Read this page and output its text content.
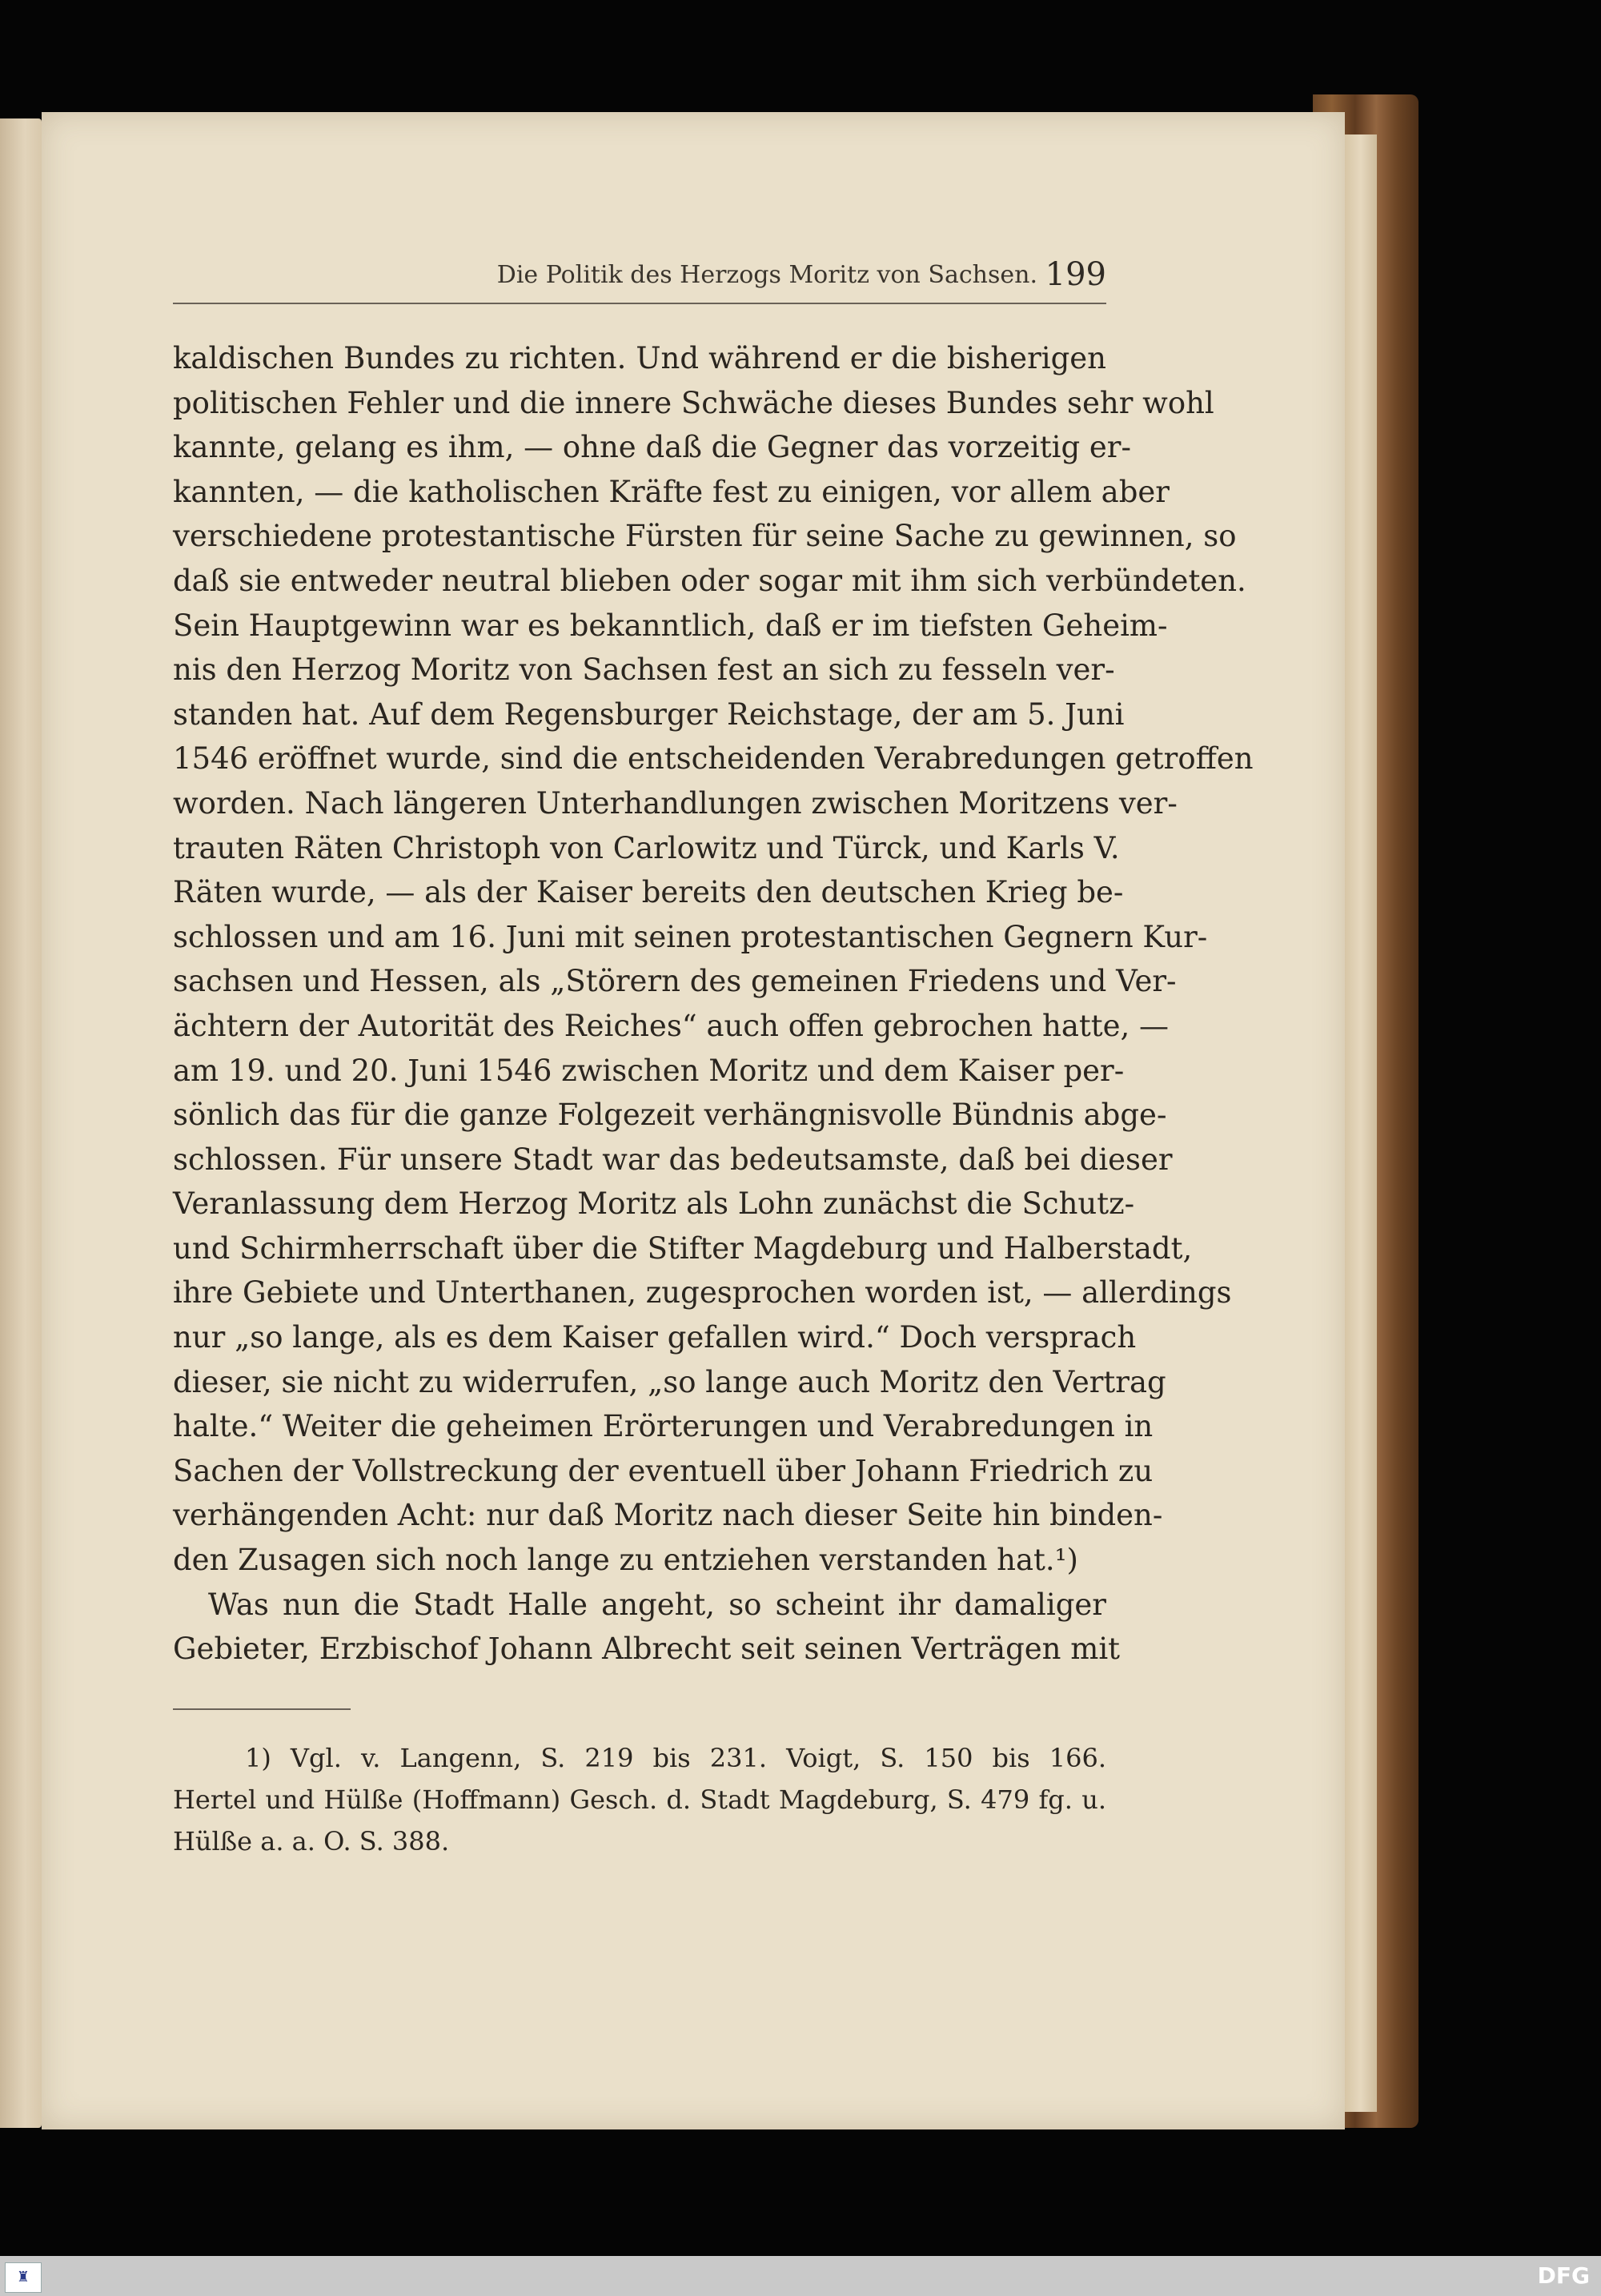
Die Politik des Herzogs Moritz von Sachsen. 199
kaldischen Bundes zu richten. Und während er die bisherigen
politischen Fehler und die innere Schwäche dieses Bundes sehr wohl
kannte, gelang es ihm, — ohne daß die Gegner das vorzeitig er-
kannten, — die katholischen Kräfte fest zu einigen, vor allem aber
verschiedene protestantische Fürsten für seine Sache zu gewinnen, so
daß sie entweder neutral blieben oder sogar mit ihm sich verbündeten.
Sein Hauptgewinn war es bekanntlich, daß er im tiefsten Geheim-
nis den Herzog Moritz von Sachsen fest an sich zu fesseln ver-
standen hat. Auf dem Regensburger Reichstage, der am 5. Juni
1546 eröffnet wurde, sind die entscheidenden Verabredungen getroffen
worden. Nach längeren Unterhandlungen zwischen Moritzens ver-
trauten Räten Christoph von Carlowitz und Türck, und Karls V.
Räten wurde, — als der Kaiser bereits den deutschen Krieg be-
schlossen und am 16. Juni mit seinen protestantischen Gegnern Kur-
sachsen und Hessen, als „Störern des gemeinen Friedens und Ver-
ächtern der Autorität des Reiches“ auch offen gebrochen hatte, —
am 19. und 20. Juni 1546 zwischen Moritz und dem Kaiser per-
sönlich das für die ganze Folgezeit verhängnisvolle Bündnis abge-
schlossen. Für unsere Stadt war das bedeutsamste, daß bei dieser
Veranlassung dem Herzog Moritz als Lohn zunächst die Schutz-
und Schirmherrschaft über die Stifter Magdeburg und Halberstadt,
ihre Gebiete und Unterthanen, zugesprochen worden ist, — allerdings
nur „so lange, als es dem Kaiser gefallen wird.“ Doch versprach
dieser, sie nicht zu widerrufen, „so lange auch Moritz den Vertrag
halte.“ Weiter die geheimen Erörterungen und Verabredungen in
Sachen der Vollstreckung der eventuell über Johann Friedrich zu
verhängenden Acht: nur daß Moritz nach dieser Seite hin binden-
den Zusagen sich noch lange zu entziehen verstanden hat.¹)
Was nun die Stadt Halle angeht, so scheint ihr damaliger
Gebieter, Erzbischof Johann Albrecht seit seinen Verträgen mit
1) Vgl. v. Langenn, S. 219 bis 231. Voigt, S. 150 bis 166.
Hertel und Hülße (Hoffmann) Gesch. d. Stadt Magdeburg, S. 479 fg. u.
Hülße a. a. O. S. 388.
♜	DFG
